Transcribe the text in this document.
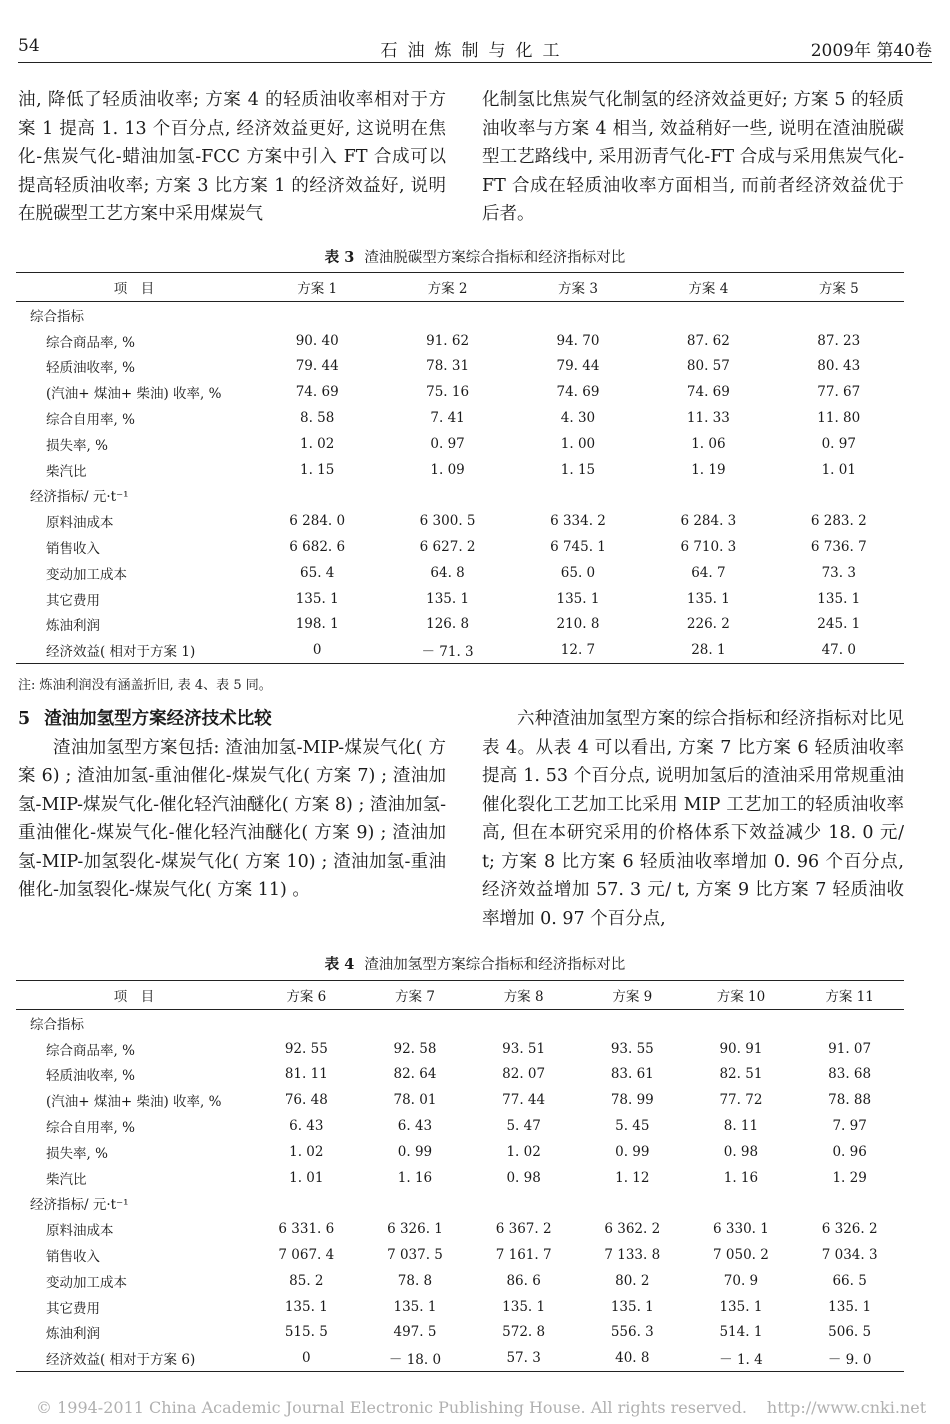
54	石油炼制与化工	2009年 第40卷

油, 降低了轻质油收率; 方案 4 的轻质油收率相对于方案 1 提高 1. 13 个百分点, 经济效益更好, 这说明在焦化-焦炭气化-蜡油加氢-FCC 方案中引入 FT 合成可以提高轻质油收率; 方案 3 比方案 1 的经济效益好, 说明在脱碳型工艺方案中采用煤炭气

化制氢比焦炭气化制氢的经济效益更好; 方案 5 的轻质油收率与方案 4 相当, 效益稍好一些, 说明在渣油脱碳型工艺路线中, 采用沥青气化-FT 合成与采用焦炭气化-FT 合成在轻质油收率方面相当, 而前者经济效益优于后者。

表 3 渣油脱碳型方案综合指标和经济指标对比
项　目	方案 1	方案 2	方案 3	方案 4	方案 5
综合指标					
综合商品率, %	90. 40	91. 62	94. 70	87. 62	87. 23
轻质油收率, %	79. 44	78. 31	79. 44	80. 57	80. 43
(汽油+ 煤油+ 柴油) 收率, %	74. 69	75. 16	74. 69	74. 69	77. 67
综合自用率, %	8. 58	7. 41	4. 30	11. 33	11. 80
损失率, %	1. 02	0. 97	1. 00	1. 06	0. 97
柴汽比	1. 15	1. 09	1. 15	1. 19	1. 01
经济指标/ 元·t⁻¹					
原料油成本	6 284. 0	6 300. 5	6 334. 2	6 284. 3	6 283. 2
销售收入	6 682. 6	6 627. 2	6 745. 1	6 710. 3	6 736. 7
变动加工成本	65. 4	64. 8	65. 0	64. 7	73. 3
其它费用	135. 1	135. 1	135. 1	135. 1	135. 1
炼油利润	198. 1	126. 8	210. 8	226. 2	245. 1
经济效益( 相对于方案 1)	0	－ 71. 3	12. 7	28. 1	47. 0
注: 炼油利润没有涵盖折旧, 表 4、表 5 同。

5 渣油加氢型方案经济技术比较

渣油加氢型方案包括: 渣油加氢-MIP-煤炭气化( 方案 6) ; 渣油加氢-重油催化-煤炭气化( 方案 7) ; 渣油加氢-MIP-煤炭气化-催化轻汽油醚化( 方案 8) ; 渣油加氢-重油催化-煤炭气化-催化轻汽油醚化( 方案 9) ; 渣油加氢-MIP-加氢裂化-煤炭气化( 方案 10) ; 渣油加氢-重油催化-加氢裂化-煤炭气化( 方案 11) 。

六种渣油加氢型方案的综合指标和经济指标对比见表 4。从表 4 可以看出, 方案 7 比方案 6 轻质油收率提高 1. 53 个百分点, 说明加氢后的渣油采用常规重油催化裂化工艺加工比采用 MIP 工艺加工的轻质油收率高, 但在本研究采用的价格体系下效益减少 18. 0 元/ t; 方案 8 比方案 6 轻质油收率增加 0. 96 个百分点, 经济效益增加 57. 3 元/ t, 方案 9 比方案 7 轻质油收率增加 0. 97 个百分点,

表 4 渣油加氢型方案综合指标和经济指标对比
项　目	方案 6	方案 7	方案 8	方案 9	方案 10	方案 11
综合指标						
综合商品率, %	92. 55	92. 58	93. 51	93. 55	90. 91	91. 07
轻质油收率, %	81. 11	82. 64	82. 07	83. 61	82. 51	83. 68
(汽油+ 煤油+ 柴油) 收率, %	76. 48	78. 01	77. 44	78. 99	77. 72	78. 88
综合自用率, %	6. 43	6. 43	5. 47	5. 45	8. 11	7. 97
损失率, %	1. 02	0. 99	1. 02	0. 99	0. 98	0. 96
柴汽比	1. 01	1. 16	0. 98	1. 12	1. 16	1. 29
经济指标/ 元·t⁻¹						
原料油成本	6 331. 6	6 326. 1	6 367. 2	6 362. 2	6 330. 1	6 326. 2
销售收入	7 067. 4	7 037. 5	7 161. 7	7 133. 8	7 050. 2	7 034. 3
变动加工成本	85. 2	78. 8	86. 6	80. 2	70. 9	66. 5
其它费用	135. 1	135. 1	135. 1	135. 1	135. 1	135. 1
炼油利润	515. 5	497. 5	572. 8	556. 3	514. 1	506. 5
经济效益( 相对于方案 6)	0	－ 18. 0	57. 3	40. 8	－ 1. 4	－ 9. 0
© 1994-2011 China Academic Journal Electronic Publishing House. All rights reserved. http://www.cnki.net
